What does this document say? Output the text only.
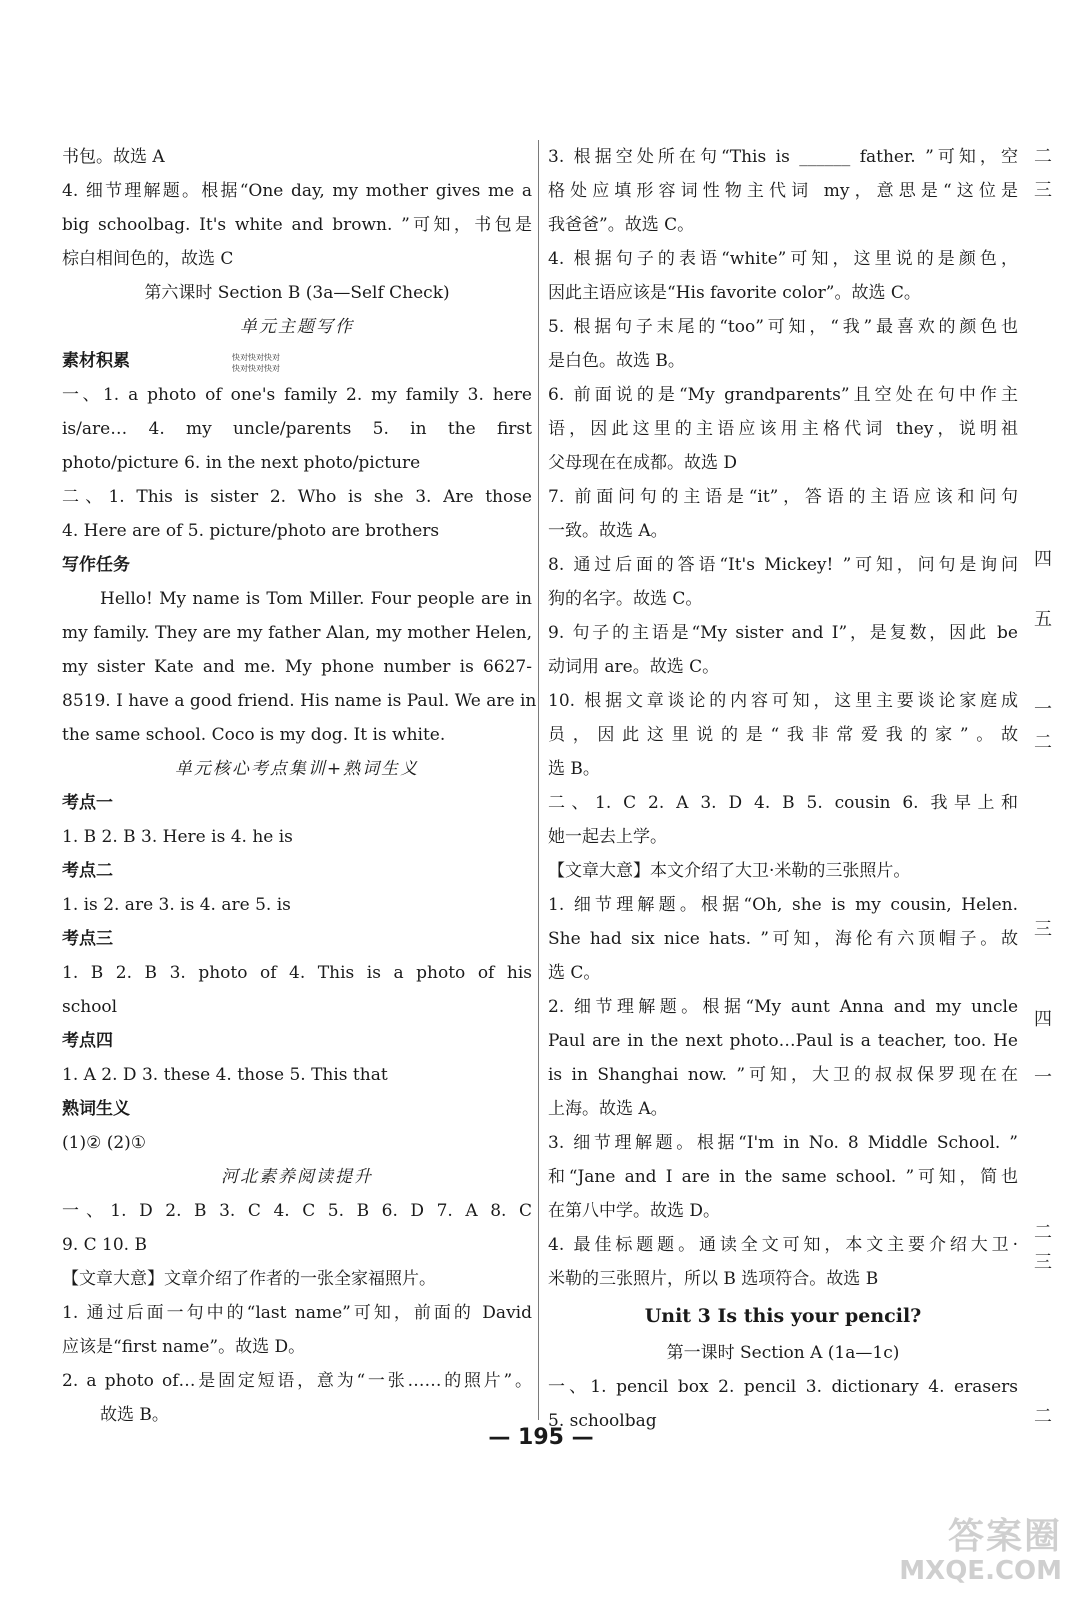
书包。故选 A
4. 细节理解题。根据“One day, my mother gives me a
big schoolbag. It's white and brown. ”可知，书包是
棕白相间色的，故选 C
第六课时 Section B (3a—Self Check)
单元主题写作
素材积累
一、1. a photo of one's family 2. my family 3. here
is/are… 4. my uncle/parents 5. in the first
photo/picture 6. in the next photo/picture
二、1. This is sister 2. Who is she 3. Are those
4. Here are of 5. picture/photo are brothers
写作任务
Hello! My name is Tom Miller. Four people are in
my family. They are my father Alan, my mother Helen,
my sister Kate and me. My phone number is 6627-
8519. I have a good friend. His name is Paul. We are in
the same school. Coco is my dog. It is white.
单元核心考点集训+熟词生义
考点一
1. B 2. B 3. Here is 4. he is
考点二
1. is 2. are 3. is 4. are 5. is
考点三
1. B 2. B 3. photo of 4. This is a photo of his
school
考点四
1. A 2. D 3. these 4. those 5. This that
熟词生义
(1)② (2)①
河北素养阅读提升
一、1. D 2. B 3. C 4. C 5. B 6. D 7. A 8. C
9. C 10. B
【文章大意】文章介绍了作者的一张全家福照片。
1. 通过后面一句中的“last name”可知，前面的 David
应该是“first name”。故选 D。
2. a photo of…是固定短语，意为“一张……的照片”。
故选 B。
3. 根据空处所在句“This is ______ father. ”可知，空
格处应填形容词性物主代词 my，意思是“这位是
我爸爸”。故选 C。
4. 根据句子的表语“white”可知，这里说的是颜色，
因此主语应该是“His favorite color”。故选 C。
5. 根据句子末尾的“too”可知，“我”最喜欢的颜色也
是白色。故选 B。
6. 前面说的是“My grandparents”且空处在句中作主
语，因此这里的主语应该用主格代词 they，说明祖
父母现在在成都。故选 D
7. 前面问句的主语是“it”，答语的主语应该和问句
一致。故选 A。
8. 通过后面的答语“It's Mickey! ”可知，问句是询问
狗的名字。故选 C。
9. 句子的主语是“My sister and I”，是复数，因此 be
动词用 are。故选 C。
10. 根据文章谈论的内容可知，这里主要谈论家庭成
员，因此这里说的是“我非常爱我的家”。故
选 B。
二、1. C 2. A 3. D 4. B 5. cousin 6. 我早上和
她一起去上学。
【文章大意】本文介绍了大卫·米勒的三张照片。
1. 细节理解题。根据“Oh, she is my cousin, Helen.
She had six nice hats. ”可知，海伦有六顶帽子。故
选 C。
2. 细节理解题。根据“My aunt Anna and my uncle
Paul are in the next photo…Paul is a teacher, too. He
is in Shanghai now. ”可知，大卫的叔叔保罗现在在
上海。故选 A。
3. 细节理解题。根据“I'm in No. 8 Middle School. ”
和“Jane and I are in the same school. ”可知，简也
在第八中学。故选 D。
4. 最佳标题题。通读全文可知，本文主要介绍大卫·
米勒的三张照片，所以 B 选项符合。故选 B
Unit 3 Is this your pencil?
第一课时 Section A (1a—1c)
一、1. pencil box 2. pencil 3. dictionary 4. erasers
5. schoolbag
快对快对快对
快对快对快对
— 195 —
二
三
四
五
一
二
三
四
一
二
三
二
答案圈
MXQE.COM
